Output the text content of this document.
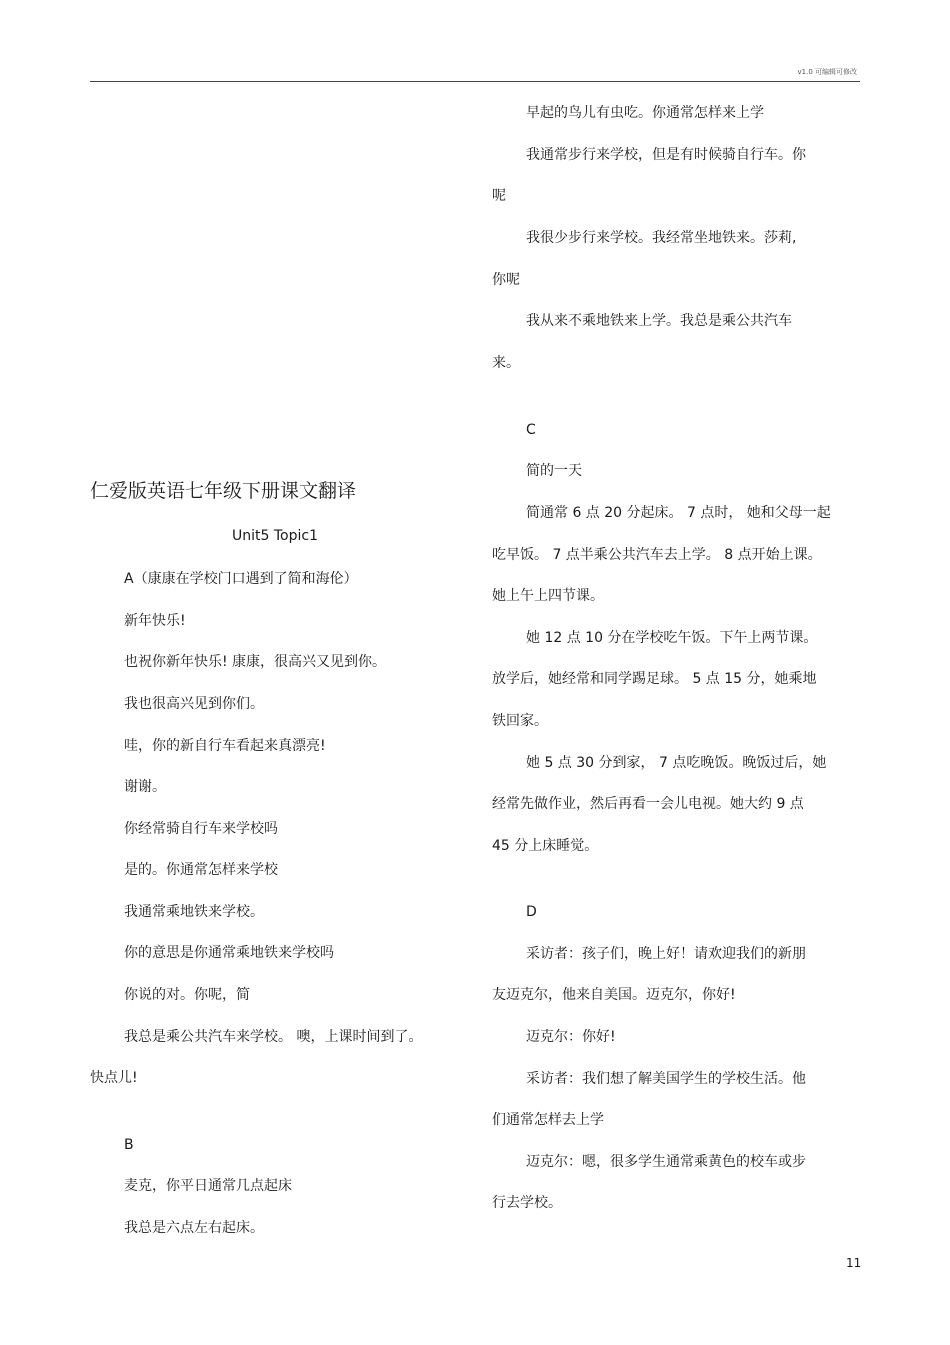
v1.0 可编辑可修改
仁爱版英语七年级下册课文翻译
Unit5 Topic1
A（康康在学校门口遇到了简和海伦）
新年快乐!
也祝你新年快乐! 康康，很高兴又见到你。
我也很高兴见到你们。
哇，你的新自行车看起来真漂亮!
谢谢。
你经常骑自行车来学校吗
是的。你通常怎样来学校
我通常乘地铁来学校。
你的意思是你通常乘地铁来学校吗
你说的对。你呢，简
我总是乘公共汽车来学校。 噢，上课时间到了。
快点儿!
B
麦克，你平日通常几点起床
我总是六点左右起床。
早起的鸟儿有虫吃。你通常怎样来上学
我通常步行来学校，但是有时候骑自行车。你
呢
我很少步行来学校。我经常坐地铁来。莎莉,
你呢
我从来不乘地铁来上学。我总是乘公共汽车
来。
C
简的一天
简通常 6 点 20 分起床。 7 点时， 她和父母一起
吃早饭。 7 点半乘公共汽车去上学。 8 点开始上课。
她上午上四节课。
她 12 点 10 分在学校吃午饭。下午上两节课。
放学后，她经常和同学踢足球。 5 点 15 分，她乘地
铁回家。
她 5 点 30 分到家， 7 点吃晚饭。晚饭过后，她
经常先做作业，然后再看一会儿电视。她大约 9 点
45 分上床睡觉。
D
采访者：孩子们，晚上好！请欢迎我们的新朋
友迈克尔，他来自美国。迈克尔，你好!
迈克尔：你好!
采访者：我们想了解美国学生的学校生活。他
们通常怎样去上学
迈克尔：嗯，很多学生通常乘黄色的校车或步
行去学校。
11
